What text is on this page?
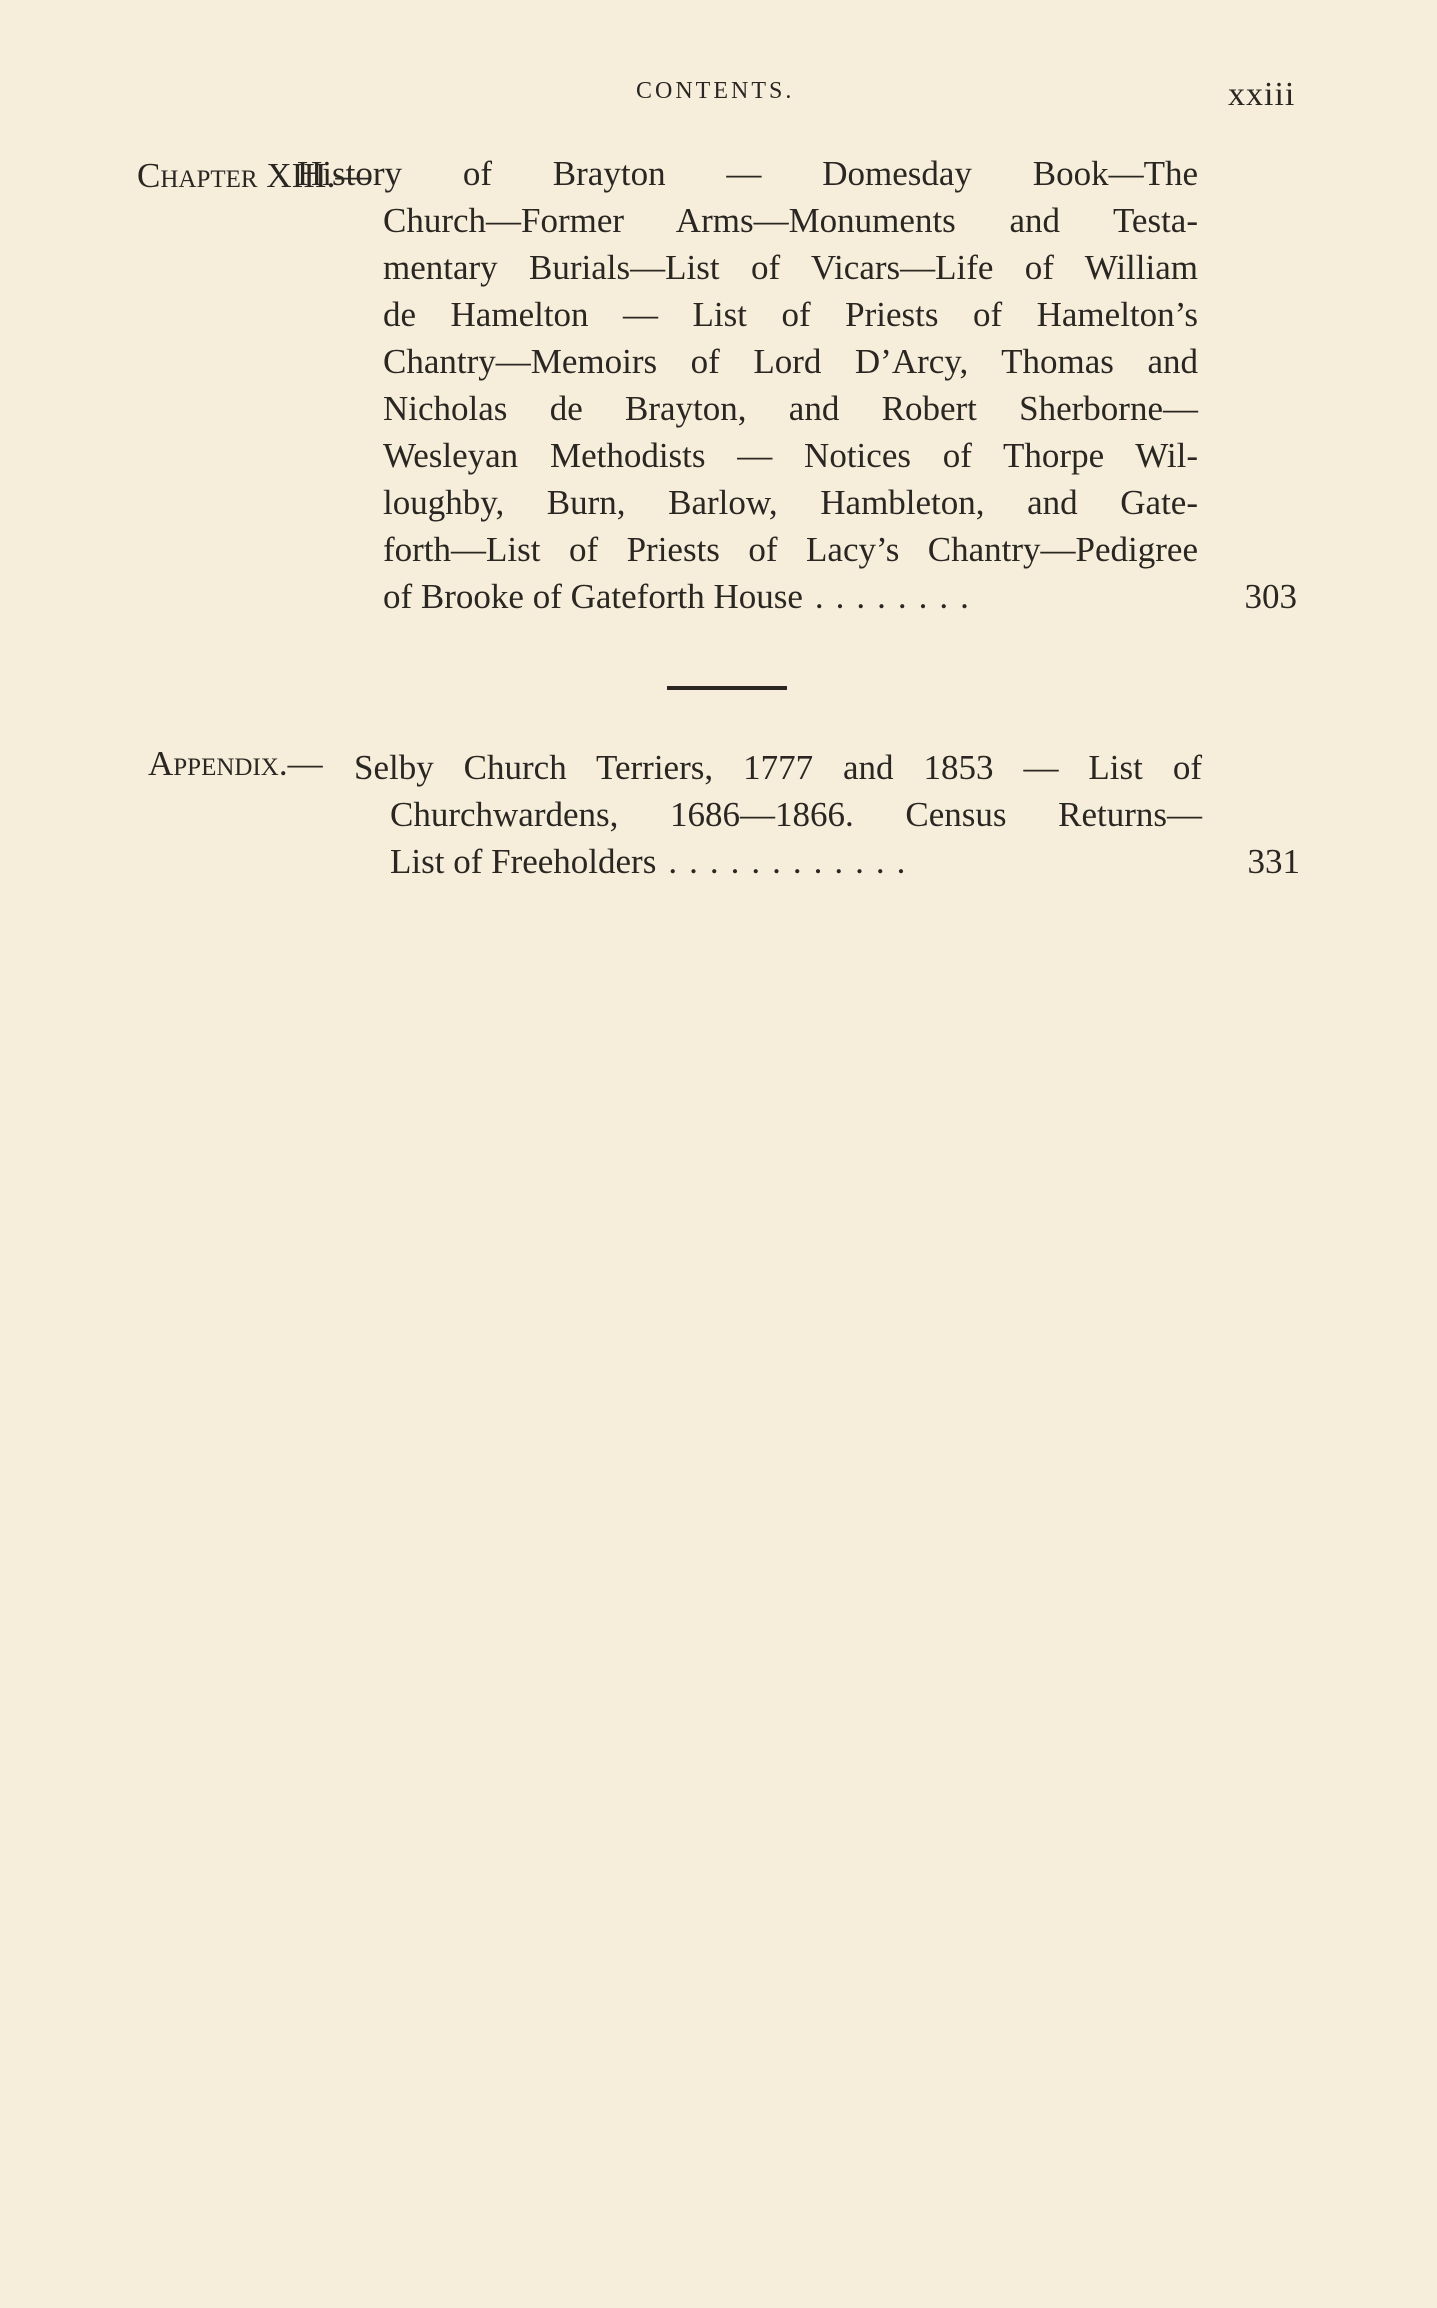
CONTENTS.	xxiii
Chapter XIII.—
History of Brayton — Domesday Book—The
Church—Former Arms—Monuments and Testa-
mentary Burials—List of Vicars—Life of William
de Hamelton — List of Priests of Hamelton’s
Chantry—Memoirs of Lord D’Arcy, Thomas and
Nicholas de Brayton, and Robert Sherborne—
Wesleyan Methodists — Notices of Thorpe Wil-
loughby, Burn, Barlow, Hambleton, and Gate-
forth—List of Priests of Lacy’s Chantry—Pedigree
of Brooke of Gateforth House ........	303
Appendix.— Selby Church Terriers, 1777 and 1853 — List of
Churchwardens, 1686—1866. Census Returns—
List of Freeholders ............	331
